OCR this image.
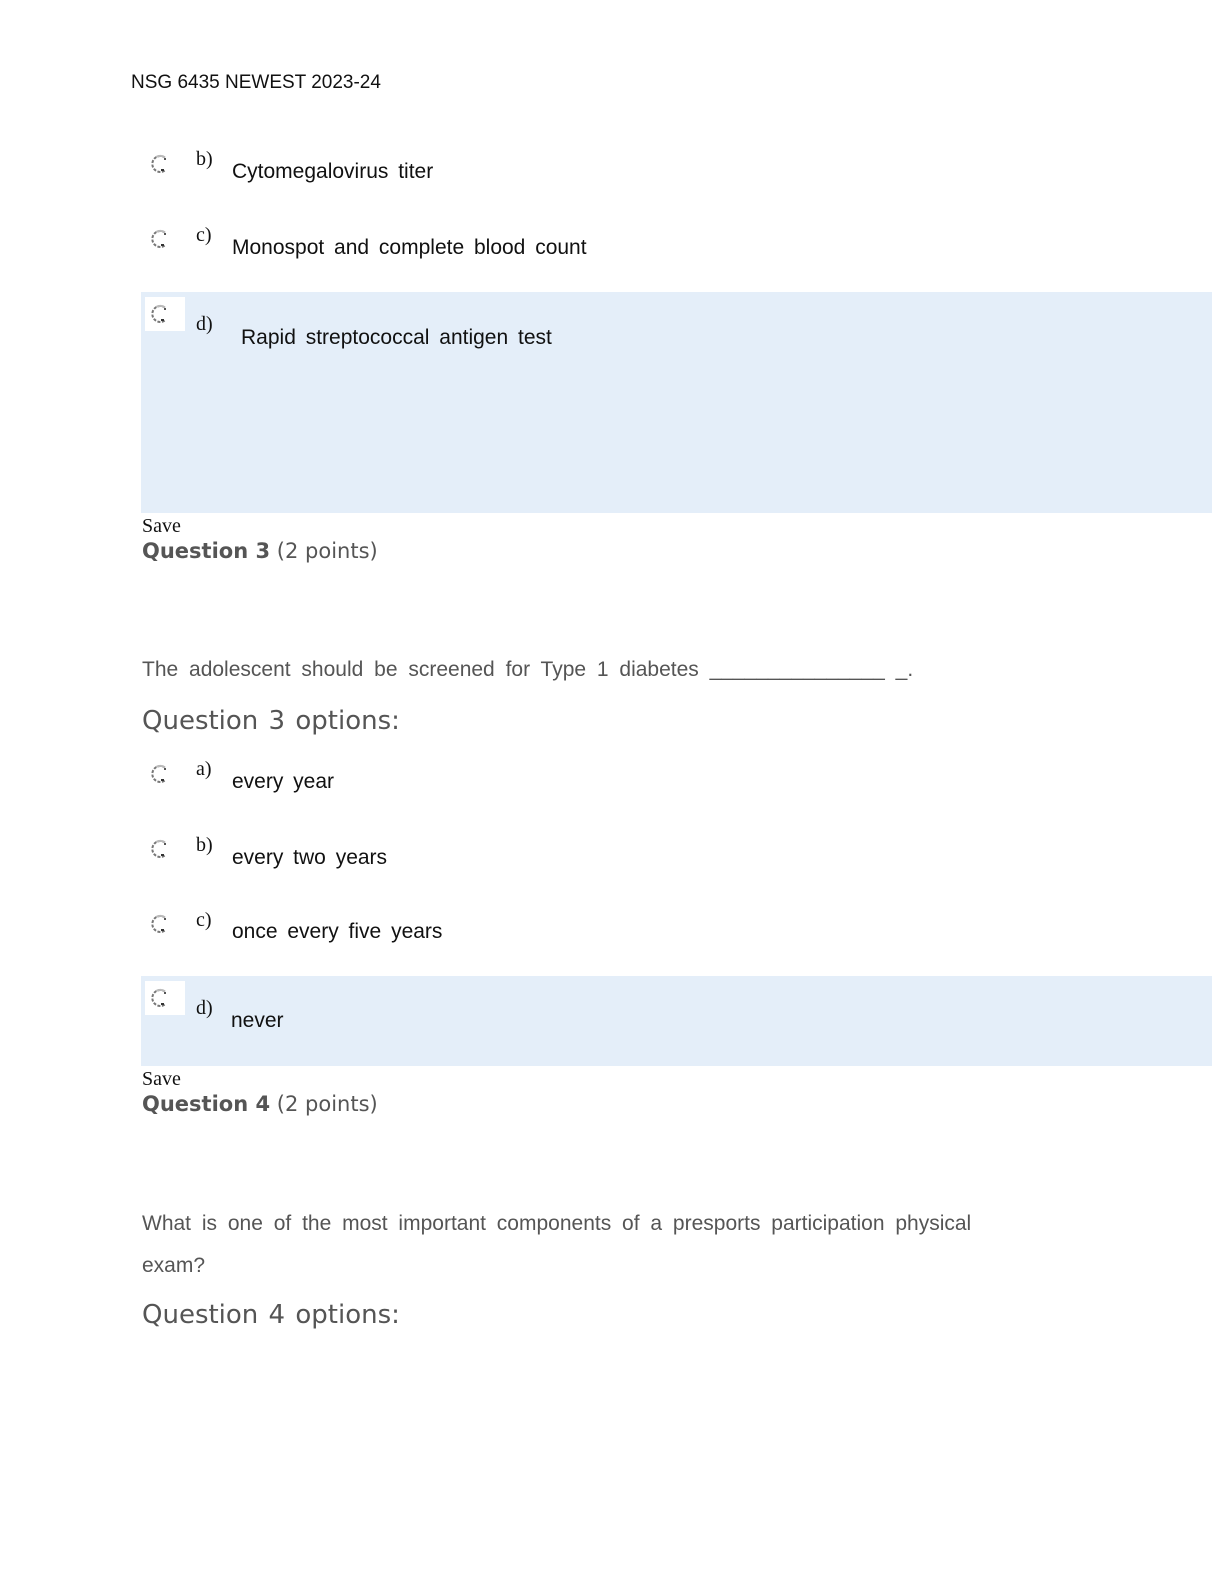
NSG 6435 NEWEST 2023-24
b)
Cytomegalovirus titer
c)
Monospot and complete blood count
d)
Rapid streptococcal antigen test
Save
Question 3 (2 points)
The adolescent should be screened for Type 1 diabetes _______________ _.
Question 3 options:
a)
every year
b)
every two years
c) once every five years
d)
never
Save
Question 4 (2 points)
What is one of the most important components of a presports participation physical exam?
Question 4 options:
